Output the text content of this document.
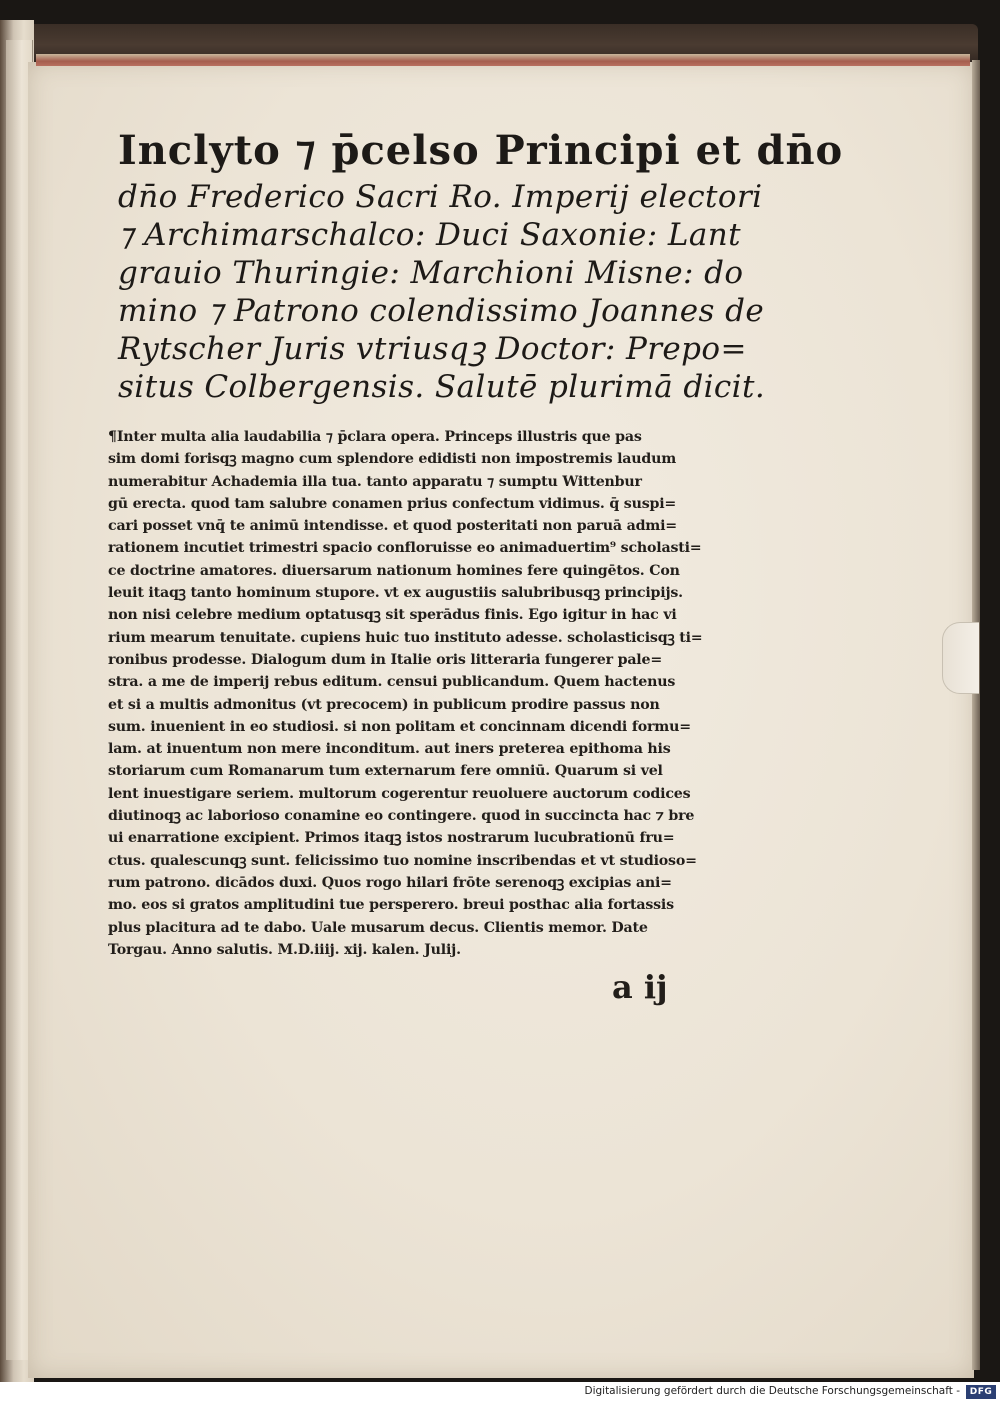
Inclyto ⁊ p̄celso Principi et dn̄o
dn̄o Frederico Sacri Ro. Imperij electori
⁊ Archimarschalco: Duci Saxonie: Lant
grauio Thuringie: Marchioni Misne: do
mino ⁊ Patrono colendissimo Joannes de
Rytscher Juris vtriusqꝫ Doctor: Prepo=
situs Colbergensis. Salutē plurimā dicit.
¶Inter multa alia laudabilia ⁊ p̄clara opera. Princeps illustris que pas
sim domi forisqꝫ magno cum splendore edidisti non impostremis laudum
numerabitur Achademia illa tua. tanto apparatu ⁊ sumptu Wittenbur
gū erecta. quod tam salubre conamen prius confectum vidimus. q̄ suspi=
cari posset vnq̄ te animū intendisse. et quod posteritati non paruā admi=
rationem incutiet trimestri spacio confloruisse eo animaduertim⁹ scholasti=
ce doctrine amatores. diuersarum nationum homines fere quingētos. Con
leuit itaqꝫ tanto hominum stupore. vt ex augustiis salubribusqꝫ principijs.
non nisi celebre medium optatusqꝫ sit sperādus finis. Ego igitur in hac vi
rium mearum tenuitate. cupiens huic tuo instituto adesse. scholasticisqꝫ ti=
ronibus prodesse. Dialogum dum in Italie oris litteraria fungerer pale=
stra. a me de imperij rebus editum. censui publicandum. Quem hactenus
et si a multis admonitus (vt precocem) in publicum prodire passus non
sum. inuenient in eo studiosi. si non politam et concinnam dicendi formu=
lam. at inuentum non mere inconditum. aut iners preterea epithoma his
storiarum cum Romanarum tum externarum fere omniū. Quarum si vel
lent inuestigare seriem. multorum cogerentur reuoluere auctorum codices
diutinoqꝫ ac laborioso conamine eo contingere. quod in succincta hac ⁊ bre
ui enarratione excipient. Primos itaqꝫ istos nostrarum lucubrationū fru=
ctus. qualescunqꝫ sunt. felicissimo tuo nomine inscribendas et vt studioso=
rum patrono. dicādos duxi. Quos rogo hilari frōte serenoqꝫ excipias ani=
mo. eos si gratos amplitudini tue persperero. breui posthac alia fortassis
plus placitura ad te dabo. Uale musarum decus. Clientis memor. Date
Torgau. Anno salutis. M.D.iiij. xij. kalen. Julij.
a ij
Digitalisierung gefördert durch die Deutsche Forschungsgemeinschaft -	DFG
